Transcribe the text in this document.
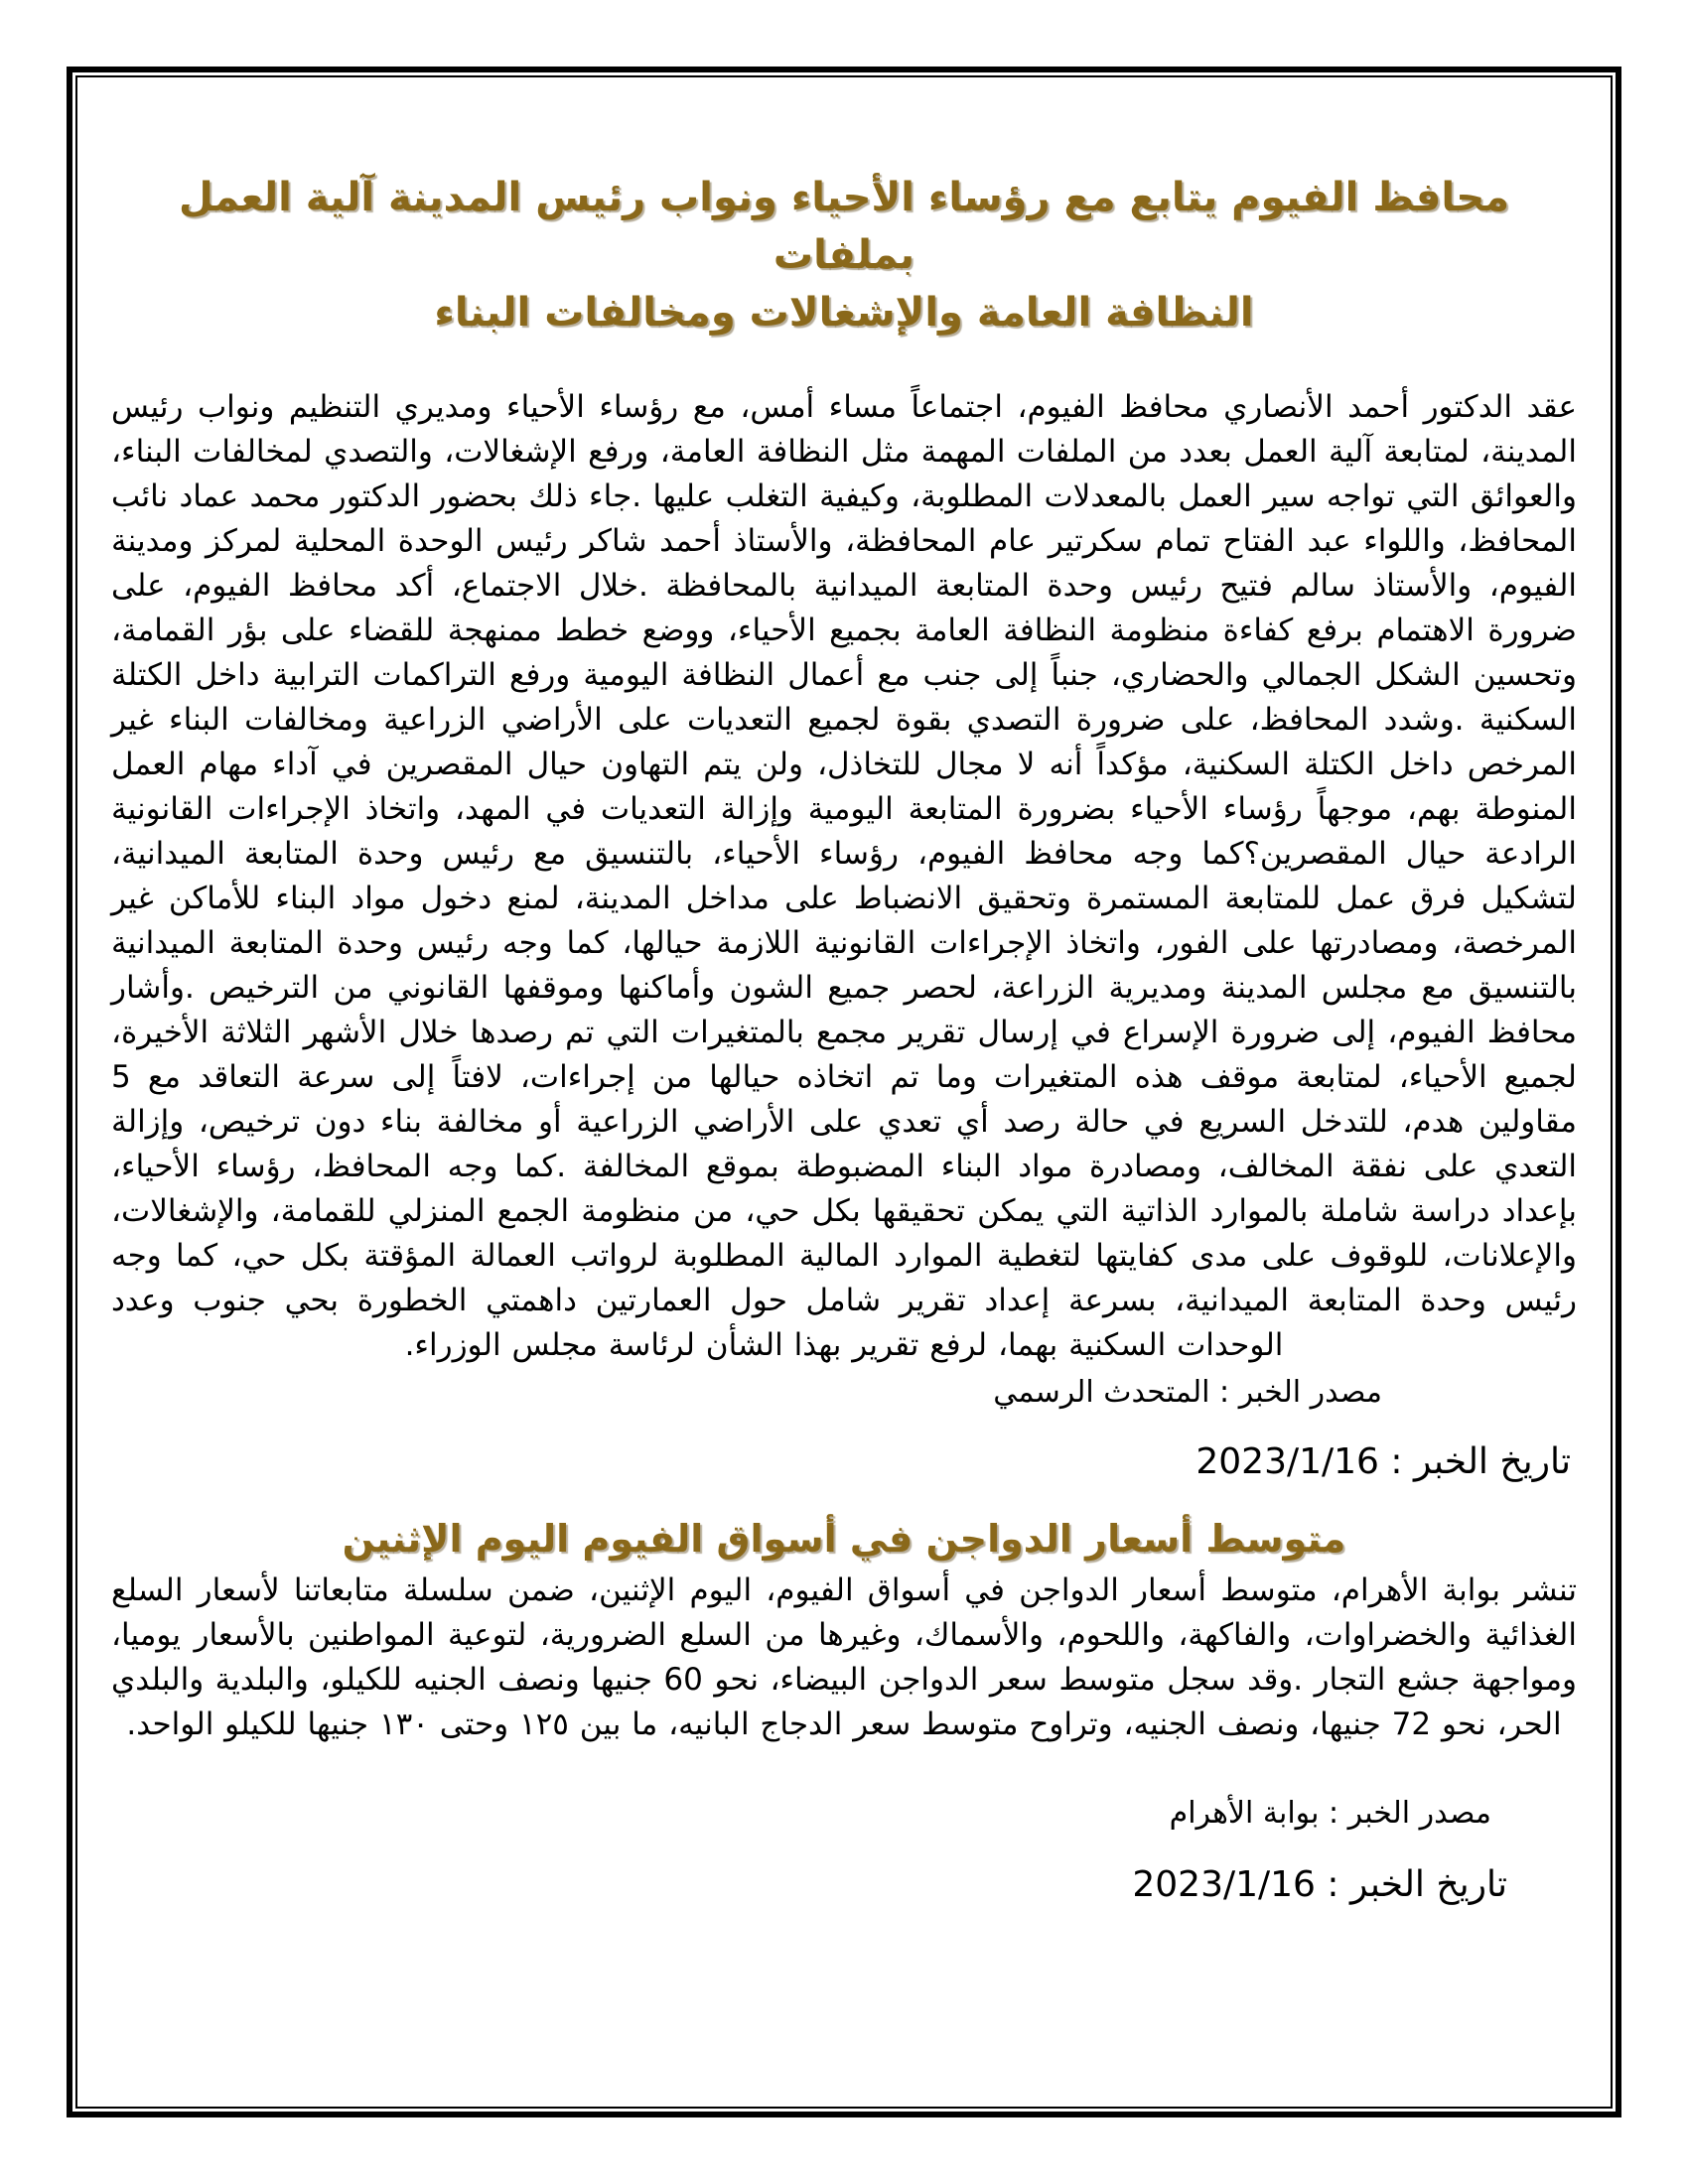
محافظ الفيوم يتابع مع رؤساء الأحياء ونواب رئيس المدينة آلية العمل بملفات
النظافة العامة والإشغالات ومخالفات البناء

عقد الدكتور أحمد الأنصاري محافظ الفيوم، اجتماعاً مساء أمس، مع رؤساء الأحياء ومديري التنظيم ونواب رئيس المدينة، لمتابعة آلية العمل بعدد من الملفات المهمة مثل النظافة العامة، ورفع الإشغالات، والتصدي لمخالفات البناء، والعوائق التي تواجه سير العمل بالمعدلات المطلوبة، وكيفية التغلب عليها .جاء ذلك بحضور الدكتور محمد عماد نائب المحافظ، واللواء عبد الفتاح تمام سكرتير عام المحافظة، والأستاذ أحمد شاكر رئيس الوحدة المحلية لمركز ومدينة الفيوم، والأستاذ سالم فتيح رئيس وحدة المتابعة الميدانية بالمحافظة .خلال الاجتماع، أكد محافظ الفيوم، على ضرورة الاهتمام برفع كفاءة منظومة النظافة العامة بجميع الأحياء، ووضع خطط ممنهجة للقضاء على بؤر القمامة، وتحسين الشكل الجمالي والحضاري، جنباً إلى جنب مع أعمال النظافة اليومية ورفع التراكمات الترابية داخل الكتلة السكنية .وشدد المحافظ، على ضرورة التصدي بقوة لجميع التعديات على الأراضي الزراعية ومخالفات البناء غير المرخص داخل الكتلة السكنية، مؤكداً أنه لا مجال للتخاذل، ولن يتم التهاون حيال المقصرين في آداء مهام العمل المنوطة بهم، موجهاً رؤساء الأحياء بضرورة المتابعة اليومية وإزالة التعديات في المهد، واتخاذ الإجراءات القانونية الرادعة حيال المقصرين؟كما وجه محافظ الفيوم، رؤساء الأحياء، بالتنسيق مع رئيس وحدة المتابعة الميدانية، لتشكيل فرق عمل للمتابعة المستمرة وتحقيق الانضباط على مداخل المدينة، لمنع دخول مواد البناء للأماكن غير المرخصة، ومصادرتها على الفور، واتخاذ الإجراءات القانونية اللازمة حيالها، كما وجه رئيس وحدة المتابعة الميدانية بالتنسيق مع مجلس المدينة ومديرية الزراعة، لحصر جميع الشون وأماكنها وموقفها القانوني من الترخيص .وأشار محافظ الفيوم، إلى ضرورة الإسراع في إرسال تقرير مجمع بالمتغيرات التي تم رصدها خلال الأشهر الثلاثة الأخيرة، لجميع الأحياء، لمتابعة موقف هذه المتغيرات وما تم اتخاذه حيالها من إجراءات، لافتاً إلى سرعة التعاقد مع 5 مقاولين هدم، للتدخل السريع في حالة رصد أي تعدي على الأراضي الزراعية أو مخالفة بناء دون ترخيص، وإزالة التعدي على نفقة المخالف، ومصادرة مواد البناء المضبوطة بموقع المخالفة .كما وجه المحافظ، رؤساء الأحياء، بإعداد دراسة شاملة بالموارد الذاتية التي يمكن تحقيقها بكل حي، من منظومة الجمع المنزلي للقمامة، والإشغالات، والإعلانات، للوقوف على مدى كفايتها لتغطية الموارد المالية المطلوبة لرواتب العمالة المؤقتة بكل حي، كما وجه رئيس وحدة المتابعة الميدانية، بسرعة إعداد تقرير شامل حول العمارتين داهمتي الخطورة بحي جنوب وعدد الوحدات السكنية بهما، لرفع تقرير بهذا الشأن لرئاسة مجلس الوزراء.

مصدر الخبر : المتحدث الرسمي

تاريخ الخبر : 2023/1/16

متوسط أسعار الدواجن في أسواق الفيوم اليوم الإثنين

تنشر بوابة الأهرام، متوسط أسعار الدواجن في أسواق الفيوم، اليوم الإثنين، ضمن سلسلة متابعاتنا لأسعار السلع الغذائية والخضراوات، والفاكهة، واللحوم، والأسماك، وغيرها من السلع الضرورية، لتوعية المواطنين بالأسعار يوميا، ومواجهة جشع التجار .وقد سجل متوسط سعر الدواجن البيضاء، نحو 60 جنيها ونصف الجنيه للكيلو، والبلدية والبلدي الحر، نحو 72 جنيها، ونصف الجنيه، وتراوح متوسط سعر الدجاج البانيه، ما بين ١٢٥ وحتى ١٣٠ جنيها للكيلو الواحد.

مصدر الخبر : بوابة الأهرام

تاريخ الخبر : 2023/1/16
